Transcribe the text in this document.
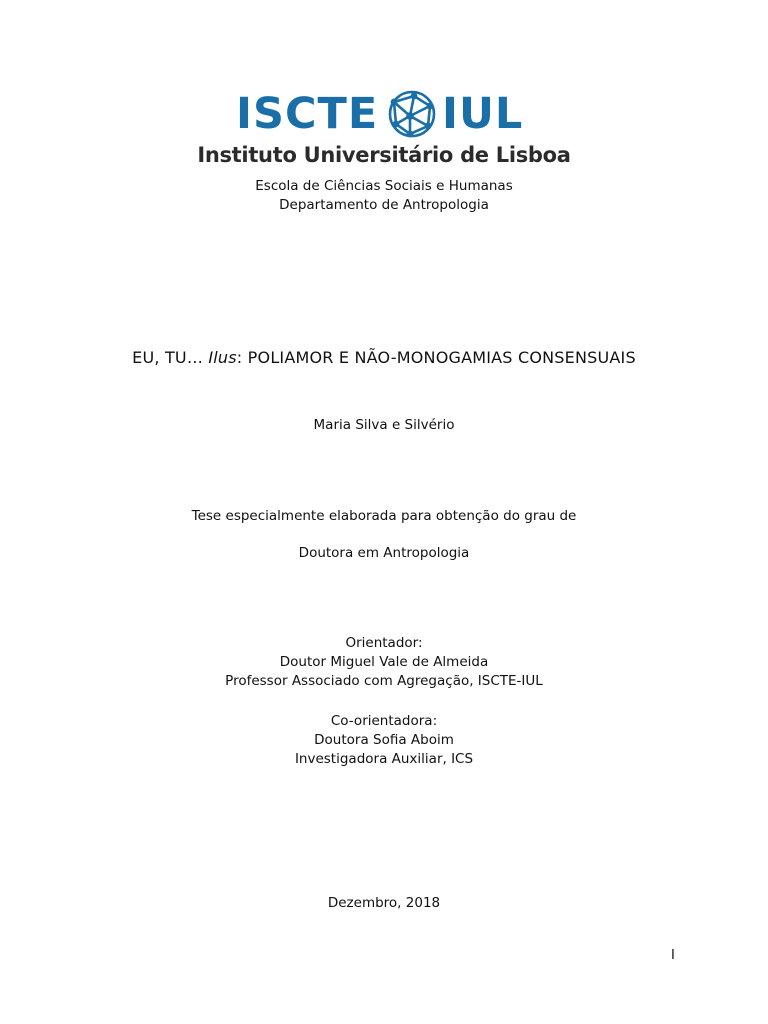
ISCTE IUL
Instituto Universitário de Lisboa
Escola de Ciências Sociais e Humanas
Departamento de Antropologia
EU, TU… Ilus: POLIAMOR E NÃO-MONOGAMIAS CONSENSUAIS
Maria Silva e Silvério
Tese especialmente elaborada para obtenção do grau de
Doutora em Antropologia
Orientador:
Doutor Miguel Vale de Almeida
Professor Associado com Agregação, ISCTE-IUL
Co-orientadora:
Doutora Sofia Aboim
Investigadora Auxiliar, ICS
Dezembro, 2018
I
